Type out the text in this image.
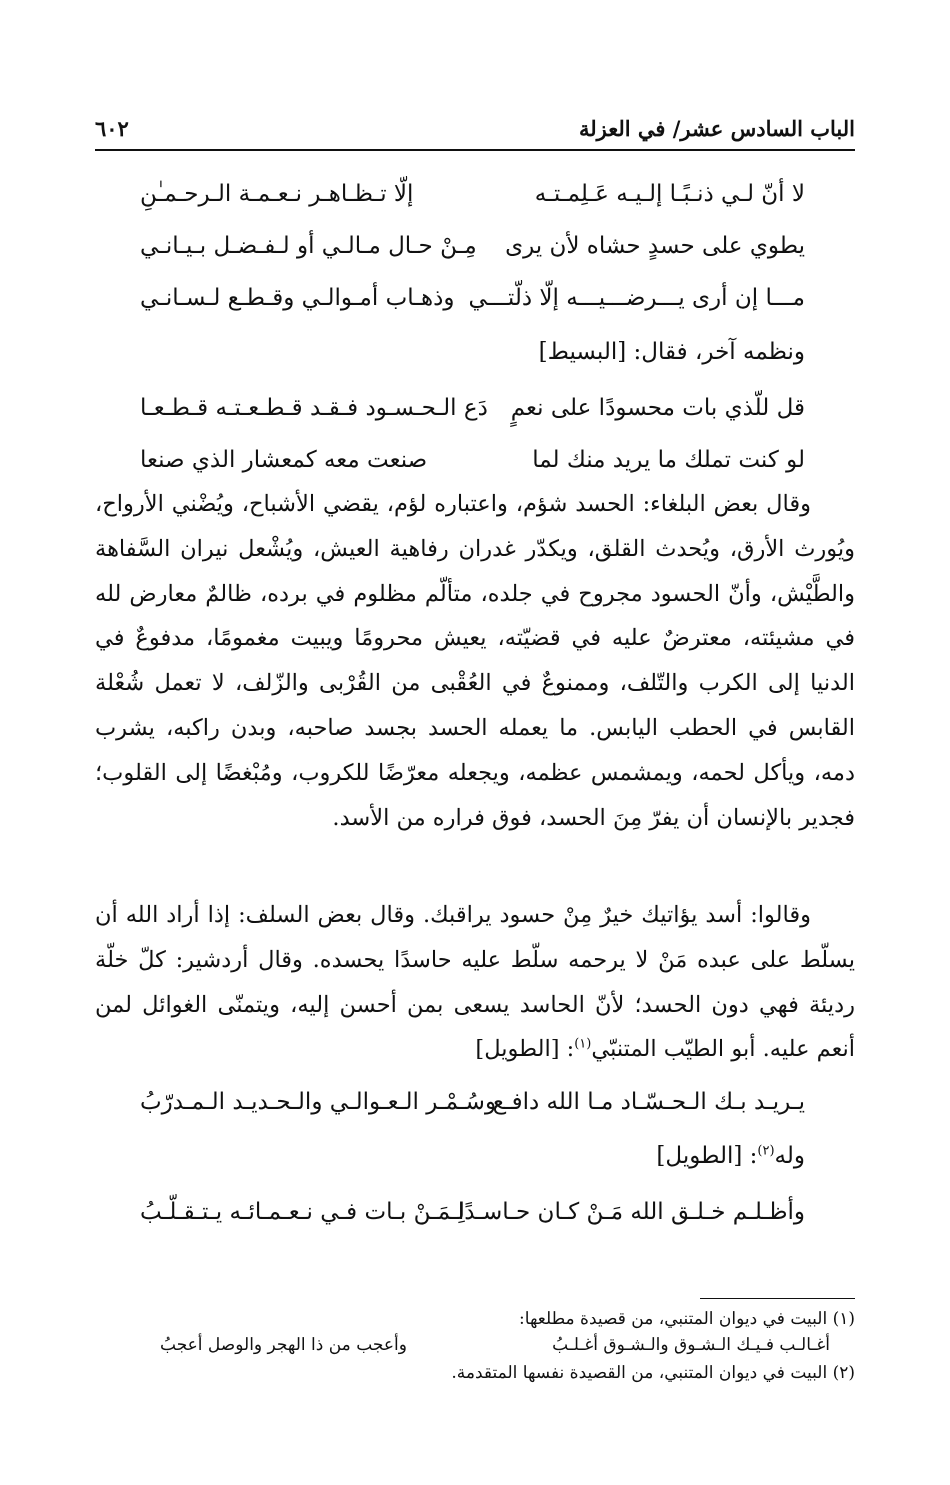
الباب السادس عشر/ في العزلة
٦٠٢
لا أنّ لـي ذنـبًـا إلـيـه عَـلِمـتـه
إلّا تـظـاهـر نـعـمـة الـرحـمـٰنِ
يطوي على حسدٍ حشاه لأن يرى
مِـنْ حـال مـالـي أو لـفـضـل بـيـانـي
مـــا إن أرى يـــرضـــيـــه إلّا ذلّتـــي
وذهـاب أمـوالـي وقـطـع لـسـانـي
ونظمه آخر، فقال: [البسيط]
قل للّذي بات محسودًا على نعمٍ
دَع الـحـسـود فـقـد قـطـعـتـه قـطـعـا
لو كنت تملك ما يريد منك لما
صنعت معه كمعشار الذي صنعا

وقال بعض البلغاء: الحسد شؤم، واعتباره لؤم، يقضي الأشباح، ويُضْني الأرواح، ويُورث الأرق، ويُحدث القلق، ويكدّر غدران رفاهية العيش، ويُشْعل نيران السَّفاهة والطَّيْش، وأنّ الحسود مجروح في جلده، متألّم مظلوم في برده، ظالمٌ معارض لله في مشيئته، معترضٌ عليه في قضيّته، يعيش محرومًا ويبيت مغمومًا، مدفوعٌ في الدنيا إلى الكرب والتّلف، وممنوعٌ في العُقْبى من القُرْبى والزّلف، لا تعمل شُعْلة القابس في الحطب اليابس. ما يعمله الحسد بجسد صاحبه، وبدن راكبه، يشرب دمه، ويأكل لحمه، ويمشمس عظمه، ويجعله معرّضًا للكروب، ومُبْغضًا إلى القلوب؛ فجدير بالإنسان أن يفرّ مِنَ الحسد، فوق فراره من الأسد.

وقالوا: أسد يؤاتيك خيرٌ مِنْ حسود يراقبك. وقال بعض السلف: إذا أراد الله أن يسلّط على عبده مَنْ لا يرحمه سلّط عليه حاسدًا يحسده. وقال أردشير: كلّ خلّة رديئة فهي دون الحسد؛ لأنّ الحاسد يسعى بمن أحسن إليه، ويتمنّى الغوائل لمن أنعم عليه. أبو الطيّب المتنبّي$^{(١)}$: [الطويل]

يـريـد بـك الـحـسّـاد مـا الله دافـع
وسُـمْـر الـعـوالـي والـحـديـد الـمـدرّبُ
وله$^{(٢)}$: [الطويل]
وأظـلـم خـلـق الله مَـنْ كـان حـاسـدًا
لِـمَـنْ بـات فـي نـعـمـائـه يـتـقـلّـبُ
(١) البيت في ديوان المتنبي، من قصيدة مطلعها:
أغـالـب فـيـك الـشـوق والـشـوق أغـلـبُ
وأعجب من ذا الهجر والوصل أعجبُ
(٢) البيت في ديوان المتنبي، من القصيدة نفسها المتقدمة.
